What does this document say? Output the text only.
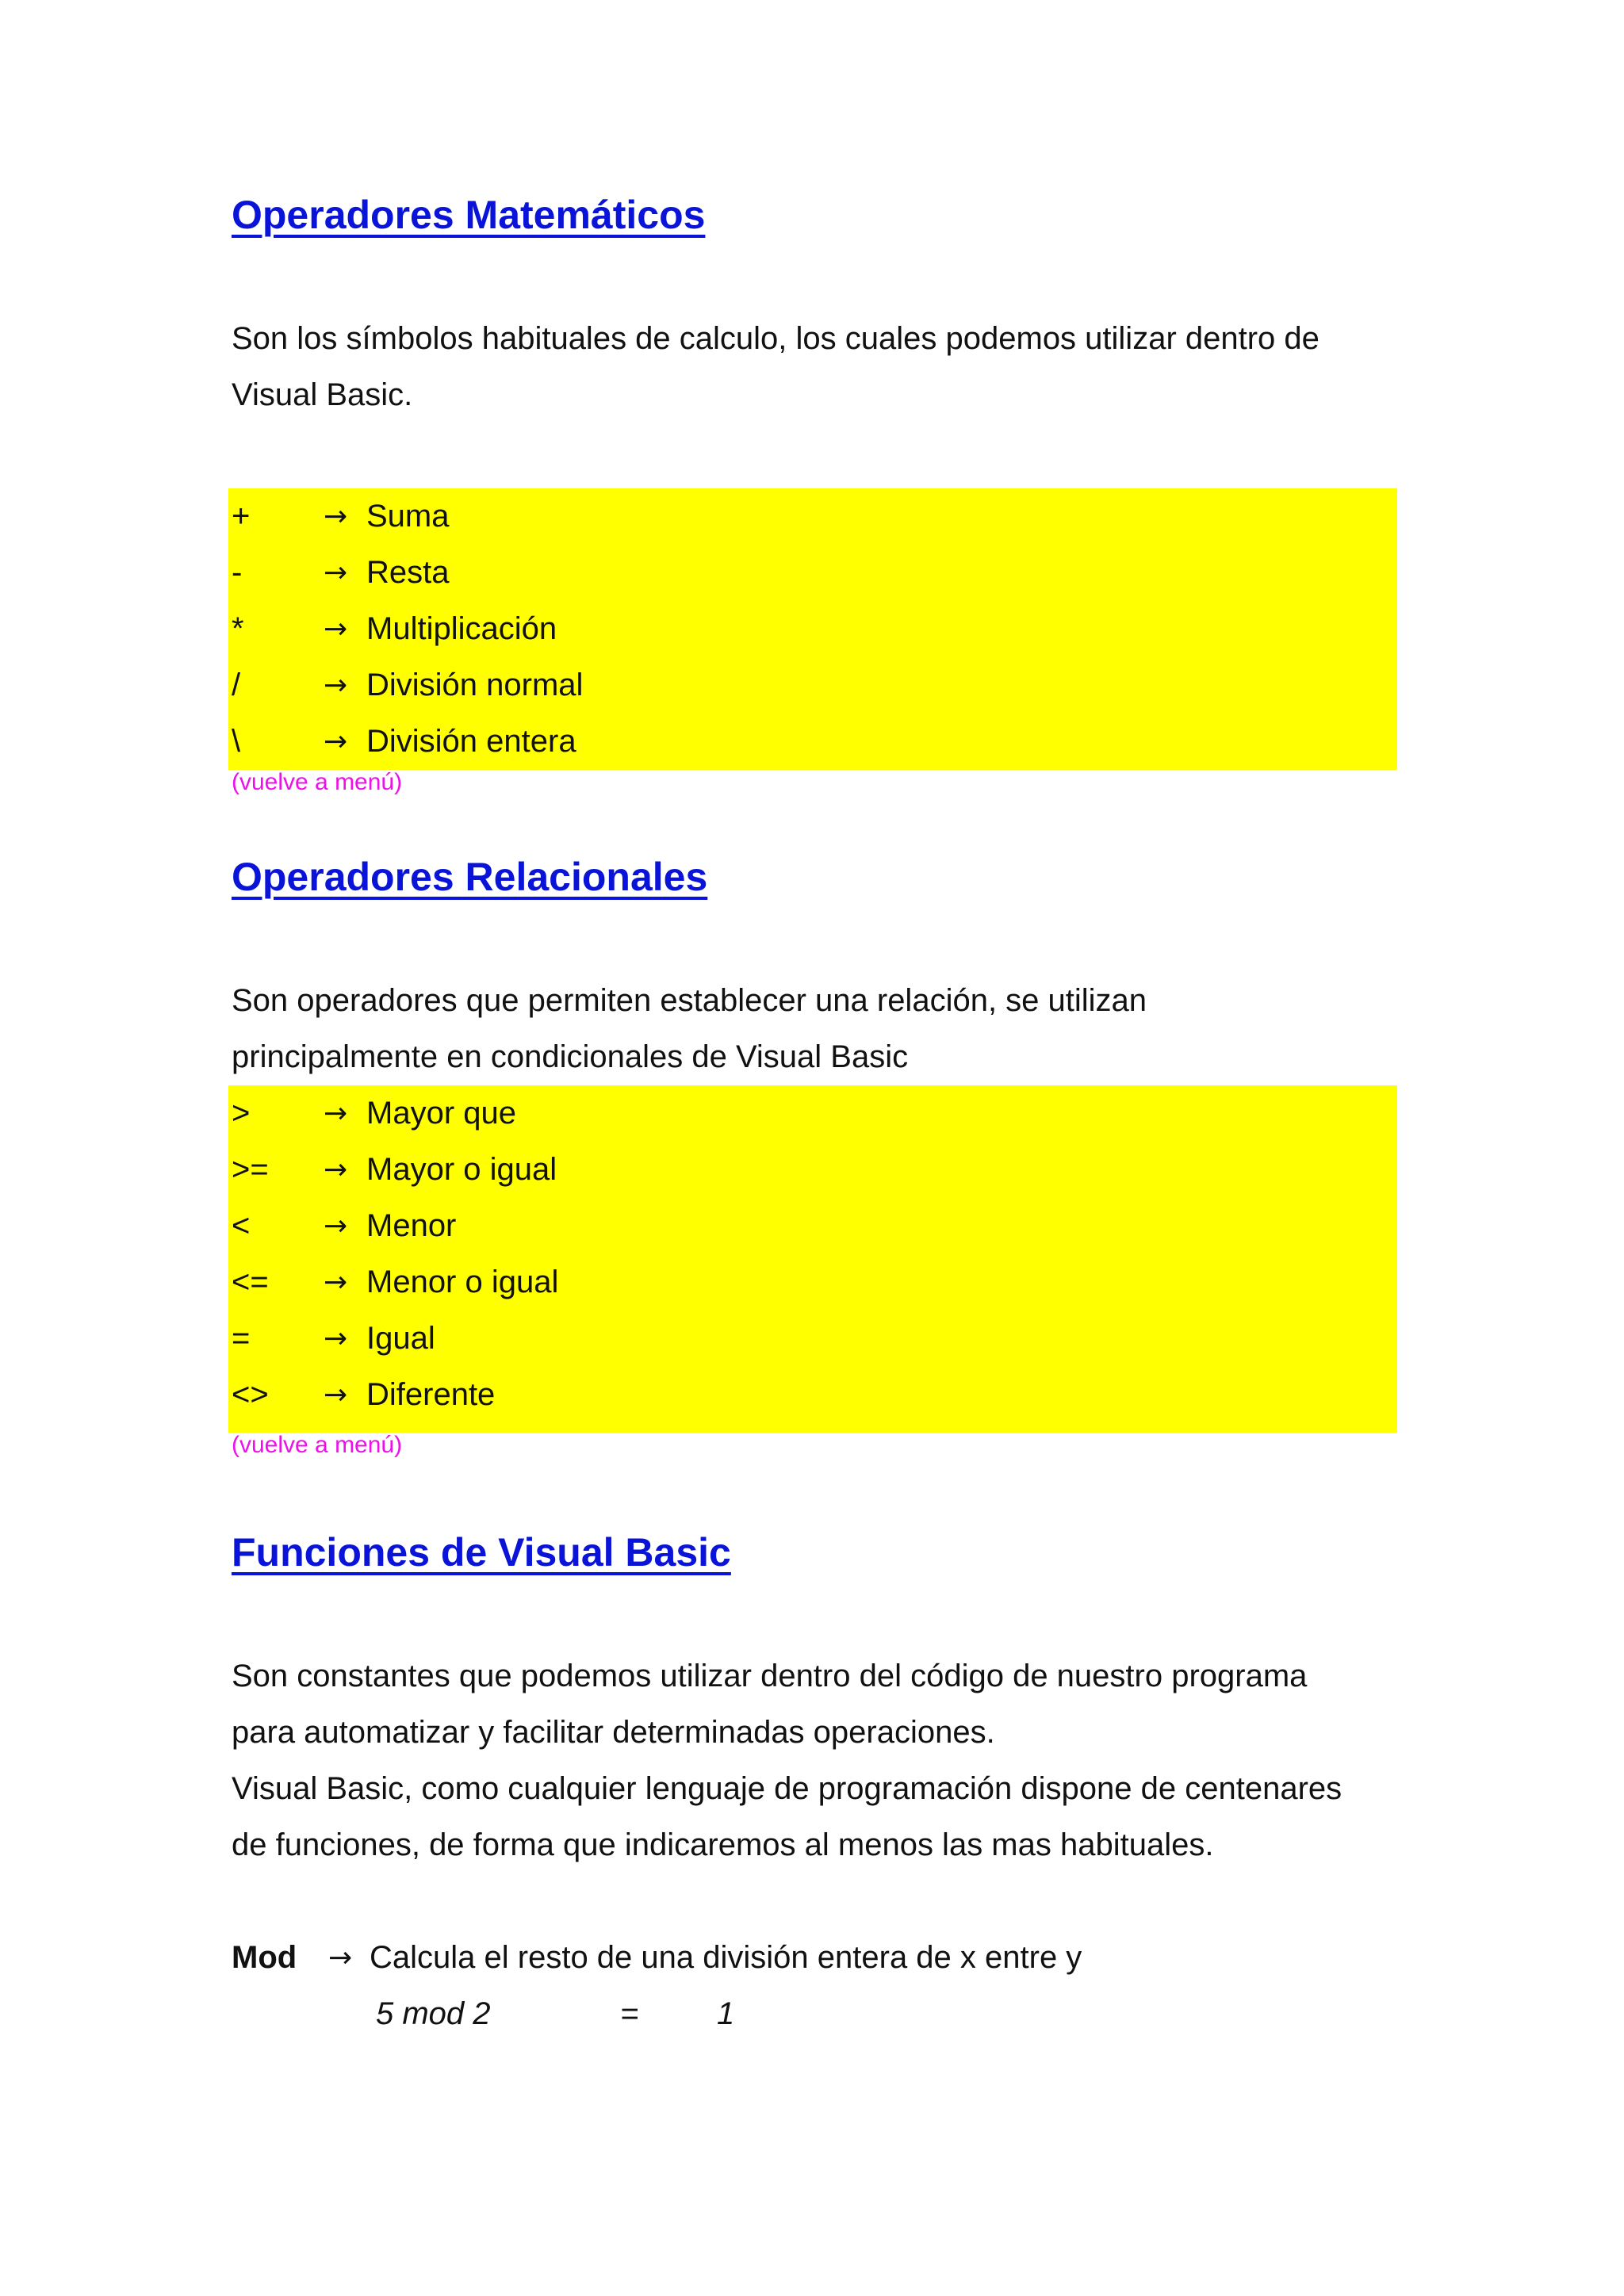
Operadores Matemáticos
Son los símbolos habituales de calculo, los cuales podemos utilizar dentro de
Visual Basic.
+	→ Suma
-	→ Resta
*	→ Multiplicación
/	→ División normal
\	→ División entera
(vuelve a menú)
Operadores Relacionales
Son operadores que permiten establecer una relación, se utilizan
principalmente en condicionales de Visual Basic
>	→ Mayor que
>= → Mayor o igual
<	→ Menor
<= → Menor o igual
=	→ Igual
<> → Diferente
(vuelve a menú)
Funciones de Visual Basic
Son constantes que podemos utilizar dentro del código de nuestro programa
para automatizar y facilitar determinadas operaciones.
Visual Basic, como cualquier lenguaje de programación dispone de centenares
de funciones, de forma que indicaremos al menos las mas habituales.
Mod → Calcula el resto de una división entera de x entre y
5 mod 2	= 1
